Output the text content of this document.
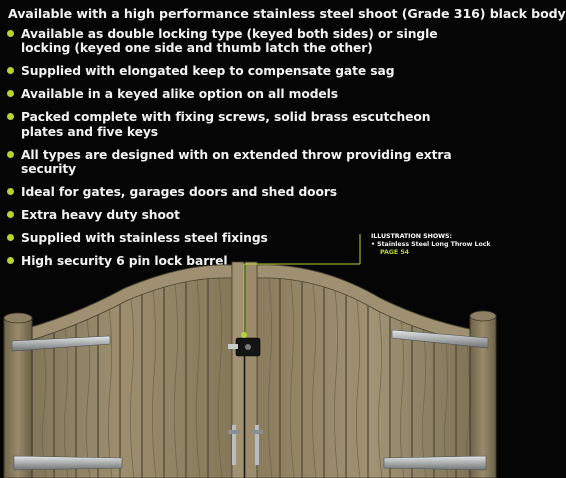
Available with a high performance stainless steel shoot (Grade 316) black body
Available as double locking type (keyed both sides) or single locking (keyed one side and thumb latch the other)
Supplied with elongated keep to compensate gate sag
Available in a keyed alike option on all models
Packed complete with fixing screws, solid brass escutcheon plates and five keys
All types are designed with on extended throw providing extra security
Ideal for gates, garages doors and shed doors
Extra heavy duty shoot
Supplied with stainless steel fixings
High security 6 pin lock barrel
ILLUSTRATION SHOWS:
• Stainless Steel Long Throw Lock
PAGE 54
